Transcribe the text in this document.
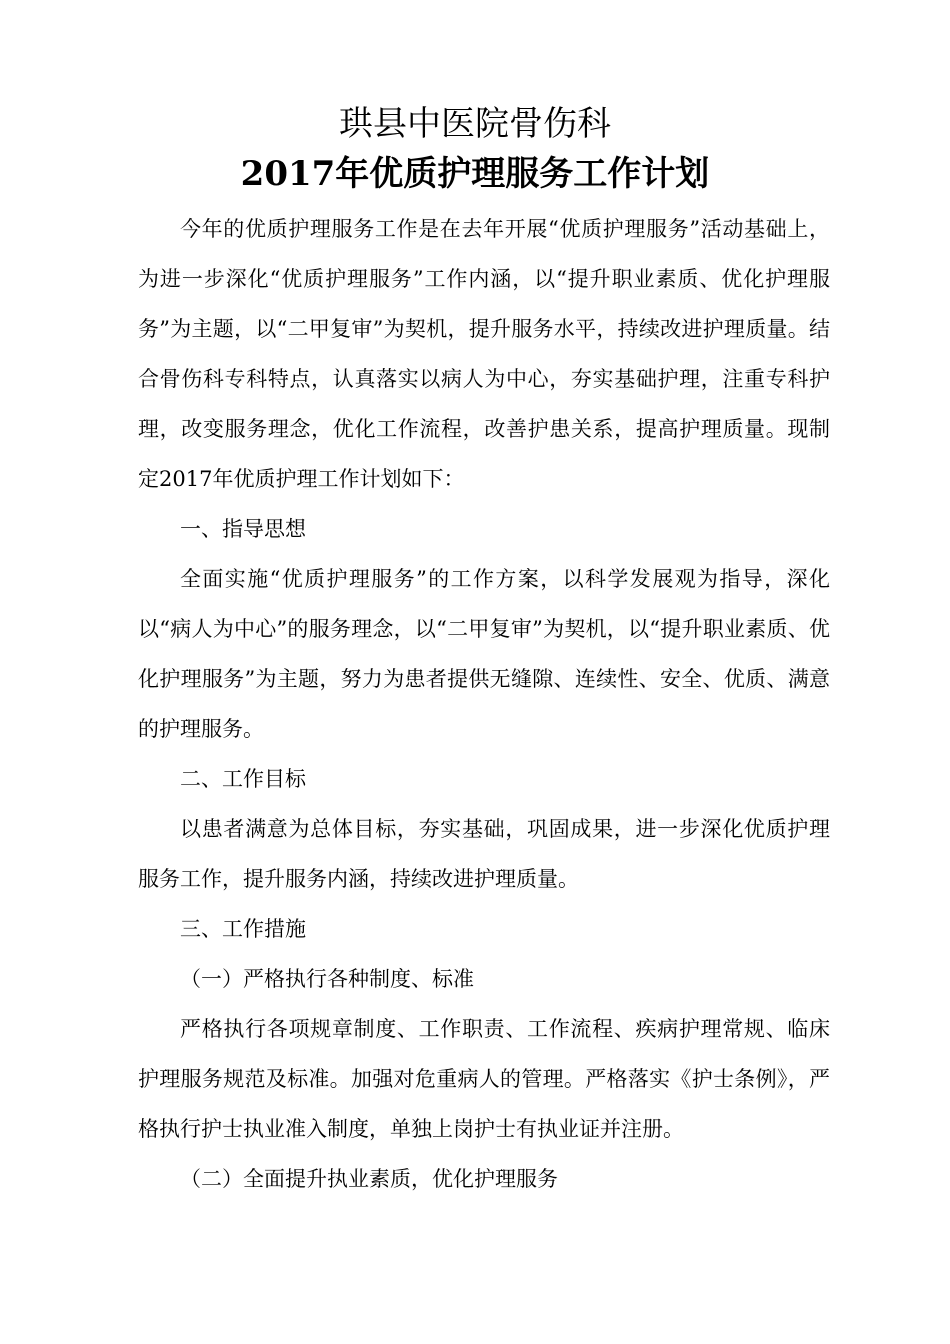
珙县中医院骨伤科
2017年优质护理服务工作计划

今年的优质护理服务工作是在去年开展“优质护理服务”活动基础上，为进一步深化“优质护理服务”工作内涵，以“提升职业素质、优化护理服务”为主题，以“二甲复审”为契机，提升服务水平，持续改进护理质量。结合骨伤科专科特点，认真落实以病人为中心，夯实基础护理，注重专科护理，改变服务理念，优化工作流程，改善护患关系，提高护理质量。现制定2017年优质护理工作计划如下：

一、指导思想

全面实施“优质护理服务”的工作方案，以科学发展观为指导，深化以“病人为中心”的服务理念，以“二甲复审”为契机，以“提升职业素质、优化护理服务”为主题，努力为患者提供无缝隙、连续性、安全、优质、满意的护理服务。

二、工作目标

以患者满意为总体目标，夯实基础，巩固成果，进一步深化优质护理服务工作，提升服务内涵，持续改进护理质量。

三、工作措施

（一）严格执行各种制度、标准

严格执行各项规章制度、工作职责、工作流程、疾病护理常规、临床护理服务规范及标准。加强对危重病人的管理。严格落实《护士条例》，严格执行护士执业准入制度，单独上岗护士有执业证并注册。

（二）全面提升执业素质，优化护理服务
